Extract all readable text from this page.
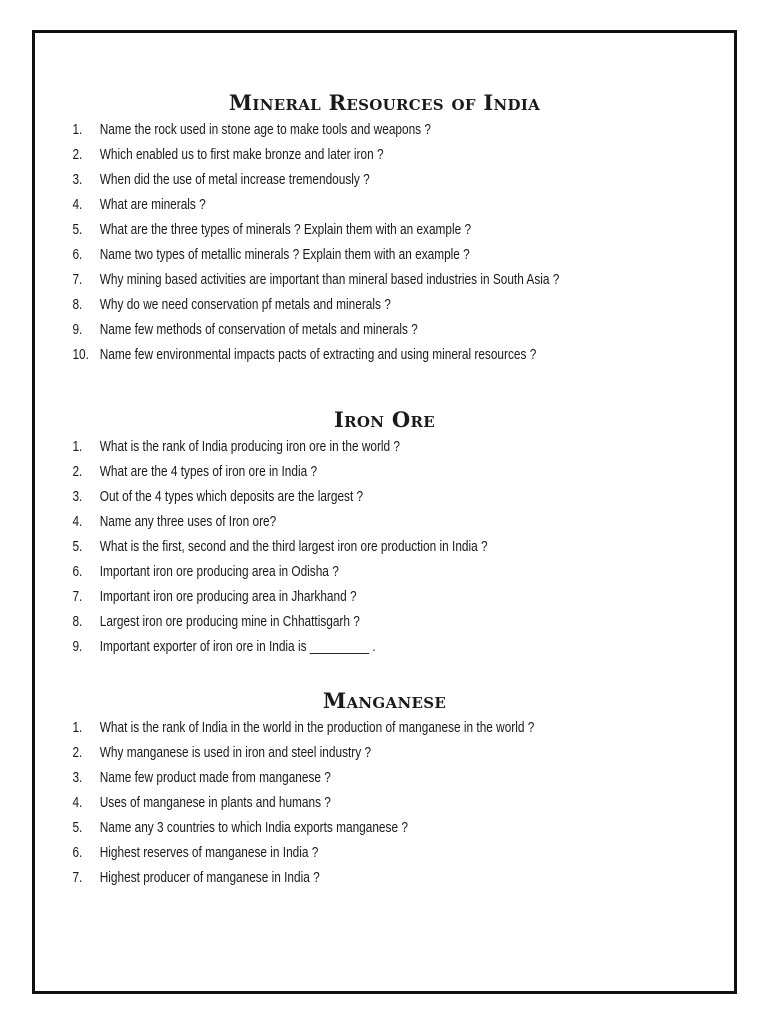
Mineral Resources of India
1. Name the rock used in stone age to make tools and weapons ?
2. Which enabled us to first make bronze and later iron ?
3. When did the use of metal increase tremendously ?
4. What are minerals ?
5. What are the three types of minerals ? Explain them with an example ?
6. Name two types of metallic minerals ? Explain them with an example ?
7. Why mining based activities are important than mineral based industries in South Asia ?
8. Why do we need conservation pf metals and minerals ?
9. Name few methods of conservation of metals and minerals ?
10. Name few environmental impacts pacts of extracting and using mineral resources ?
Iron Ore
1. What is the rank of India producing iron ore in the world ?
2. What are the 4 types of iron ore in India ?
3. Out of the 4 types which deposits are the largest ?
4. Name any three uses of Iron ore?
5. What is the first, second and the third largest iron ore production in India ?
6. Important iron ore producing area in Odisha ?
7. Important iron ore producing area in Jharkhand ?
8. Largest iron ore producing mine in Chhattisgarh ?
9. Important exporter of iron ore in India is _________ .
Manganese
1. What is the rank of India in the world in the production of manganese in the world ?
2. Why manganese is used in iron and steel industry ?
3. Name few product made from manganese ?
4. Uses of manganese in plants and humans ?
5. Name any 3 countries to which India exports manganese ?
6. Highest reserves of manganese in India ?
7. Highest producer of manganese in India ?
